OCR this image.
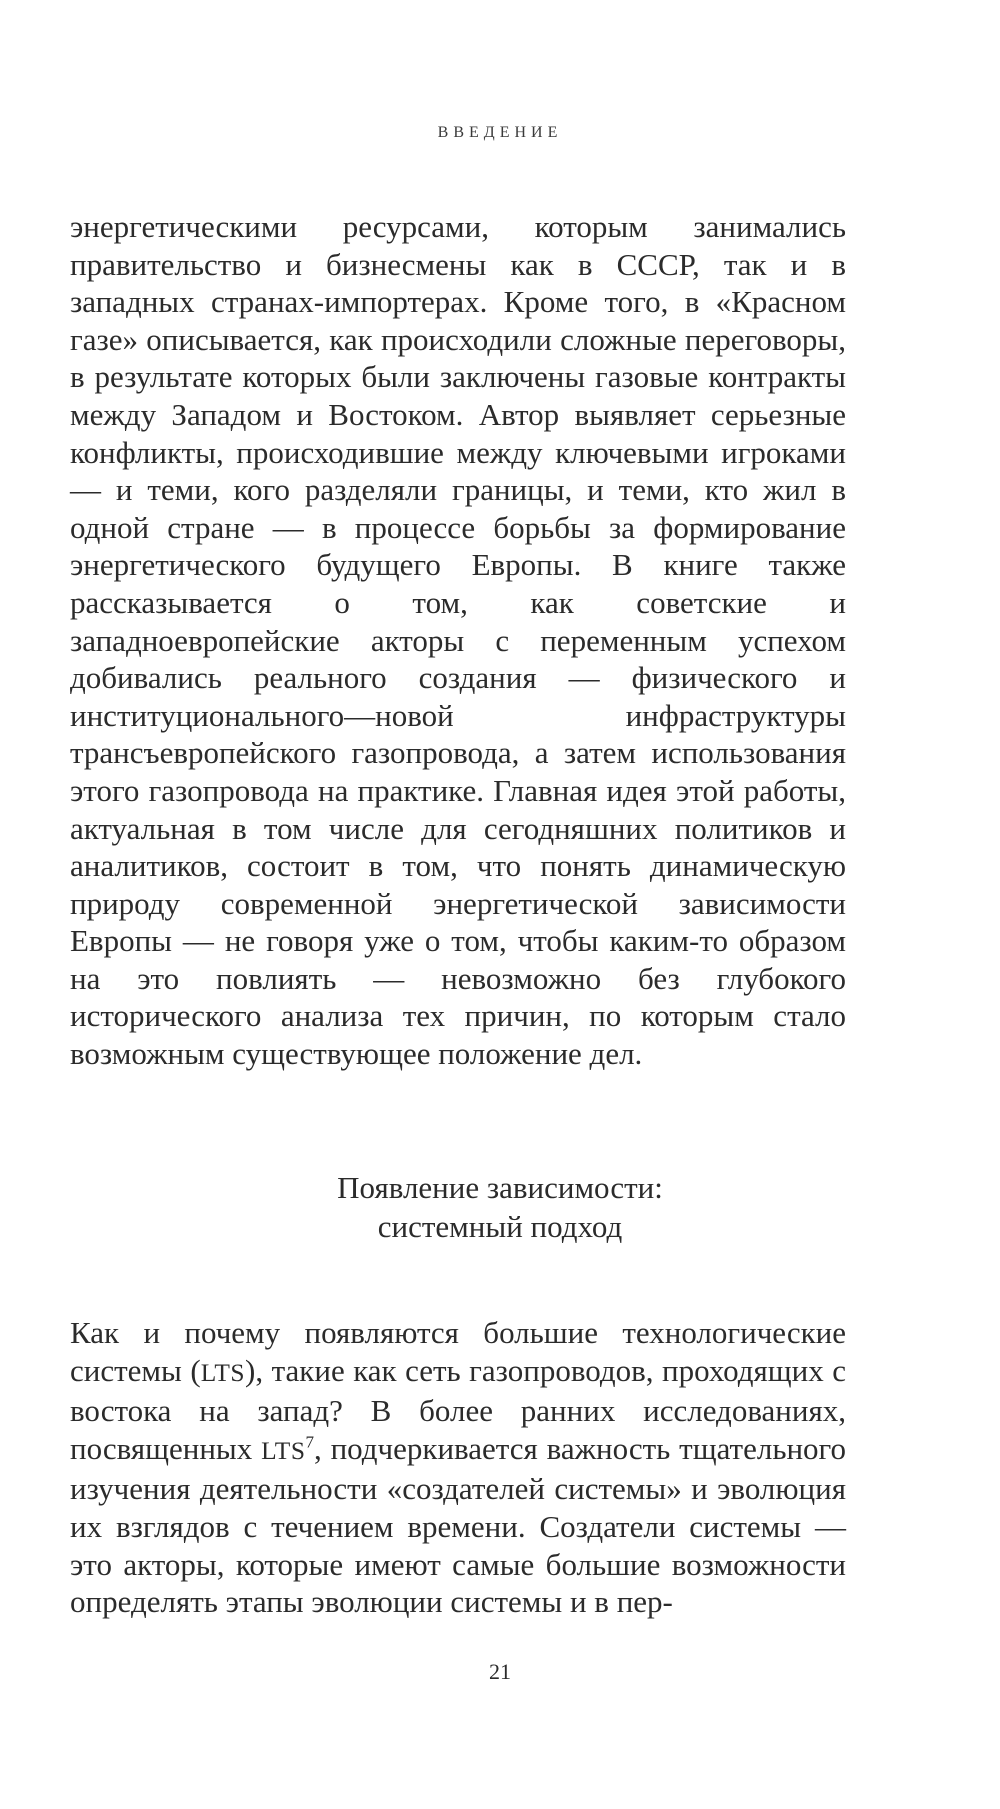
ВВЕДЕНИЕ

энергетическими ресурсами, которым занимались правительство и бизнесмены как в СССР, так и в западных странах-импортерах. Кроме того, в «Красном газе» описывается, как происходили сложные переговоры, в результате которых были заключены газовые контракты между Западом и Востоком. Автор выявляет серьезные конфликты, происходившие между ключевыми игроками — и теми, кого разделяли границы, и теми, кто жил в одной стране — в процессе борьбы за формирование энергетического будущего Европы. В книге также рассказывается о том, как советские и западноевропейские акторы с переменным успехом добивались реального создания — физического и институционального—новой инфраструктуры трансъевропейского газопровода, а затем использования этого газопровода на практике. Главная идея этой работы, актуальная в том числе для сегодняшних политиков и аналитиков, состоит в том, что понять динамическую природу современной энергетической зависимости Европы — не говоря уже о том, чтобы каким-то образом на это повлиять — невозможно без глубокого исторического анализа тех причин, по которым стало возможным существующее положение дел.

Появление зависимости:
системный подход

Как и почему появляются большие технологические системы (LTS), такие как сеть газопроводов, проходящих с востока на запад? В более ранних исследованиях, посвященных LTS$^7$, подчеркивается важность тщательного изучения деятельности «создателей системы» и эволюция их взглядов с течением времени. Создатели системы — это акторы, которые имеют самые большие возможности определять этапы эволюции системы и в пер-

21
